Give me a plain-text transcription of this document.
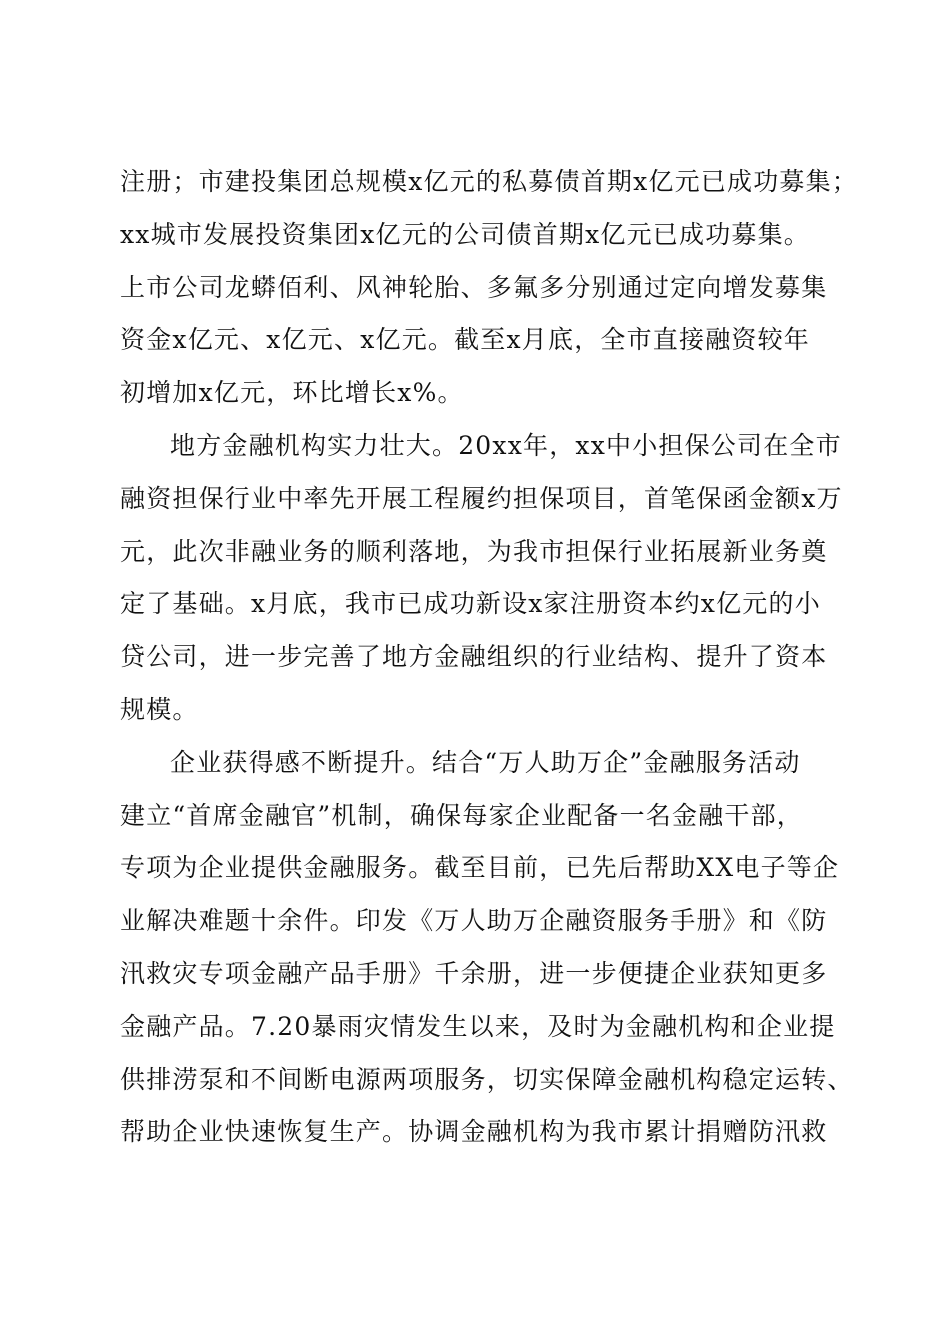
注册；市建投集团总规模x亿元的私募债首期x亿元已成功募集；
xx城市发展投资集团x亿元的公司债首期x亿元已成功募集。
上市公司龙蟒佰利、风神轮胎、多氟多分别通过定向增发募集
资金x亿元、x亿元、x亿元。截至x月底，全市直接融资较年
初增加x亿元，环比增长x%。
地方金融机构实力壮大。20xx年，xx中小担保公司在全市
融资担保行业中率先开展工程履约担保项目，首笔保函金额x万
元，此次非融业务的顺利落地，为我市担保行业拓展新业务奠
定了基础。x月底，我市已成功新设x家注册资本约x亿元的小
贷公司，进一步完善了地方金融组织的行业结构、提升了资本
规模。
企业获得感不断提升。结合“万人助万企”金融服务活动
建立“首席金融官”机制，确保每家企业配备一名金融干部，
专项为企业提供金融服务。截至目前，已先后帮助XX电子等企
业解决难题十余件。印发《万人助万企融资服务手册》和《防
汛救灾专项金融产品手册》千余册，进一步便捷企业获知更多
金融产品。7.20暴雨灾情发生以来，及时为金融机构和企业提
供排涝泵和不间断电源两项服务，切实保障金融机构稳定运转、
帮助企业快速恢复生产。协调金融机构为我市累计捐赠防汛救
